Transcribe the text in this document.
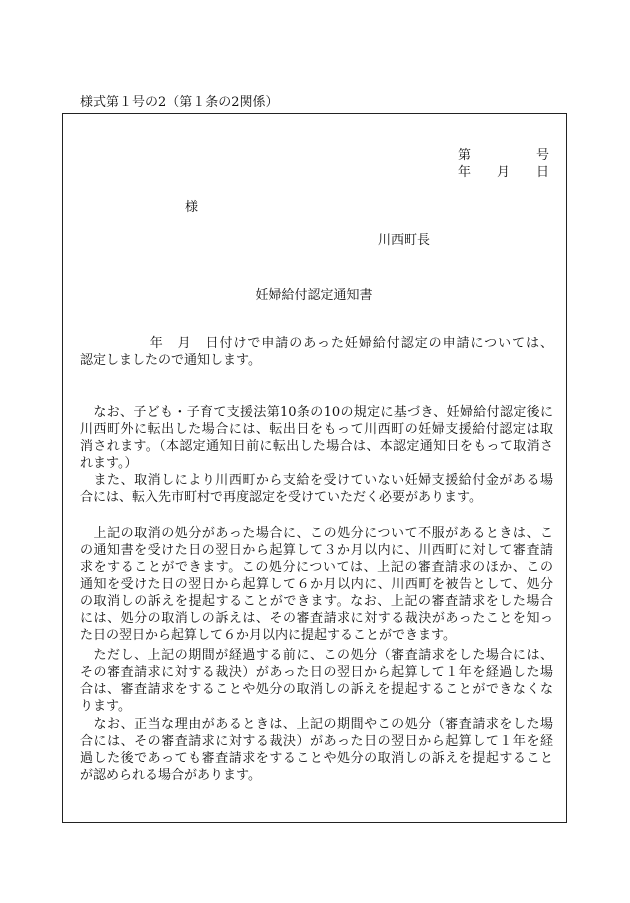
様式第１号の2（第１条の2関係）
第　　　　　号
年　　月　　日
様
川西町長
妊婦給付認定通知書
　　　　　年　月　日付けで申請のあった妊婦給付認定の申請については、
認定しましたので通知します。
　なお、子ども・子育て支援法第10条の10の規定に基づき、妊婦給付認定後に
川西町外に転出した場合には、転出日をもって川西町の妊婦支援給付認定は取
消されます。（本認定通知日前に転出した場合は、本認定通知日をもって取消さ
れます。）
　また、取消しにより川西町から支給を受けていない妊婦支援給付金がある場
合には、転入先市町村で再度認定を受けていただく必要があります。
　上記の取消の処分があった場合に、この処分について不服があるときは、こ
の通知書を受けた日の翌日から起算して３か月以内に、川西町に対して審査請
求をすることができます。この処分については、上記の審査請求のほか、この
通知を受けた日の翌日から起算して６か月以内に、川西町を被告として、処分
の取消しの訴えを提起することができます。なお、上記の審査請求をした場合
には、処分の取消しの訴えは、その審査請求に対する裁決があったことを知っ
た日の翌日から起算して６か月以内に提起することができます。
　ただし、上記の期間が経過する前に、この処分（審査請求をした場合には、
その審査請求に対する裁決）があった日の翌日から起算して１年を経過した場
合は、審査請求をすることや処分の取消しの訴えを提起することができなくな
ります。
　なお、正当な理由があるときは、上記の期間やこの処分（審査請求をした場
合には、その審査請求に対する裁決）があった日の翌日から起算して１年を経
過した後であっても審査請求をすることや処分の取消しの訴えを提起すること
が認められる場合があります。
